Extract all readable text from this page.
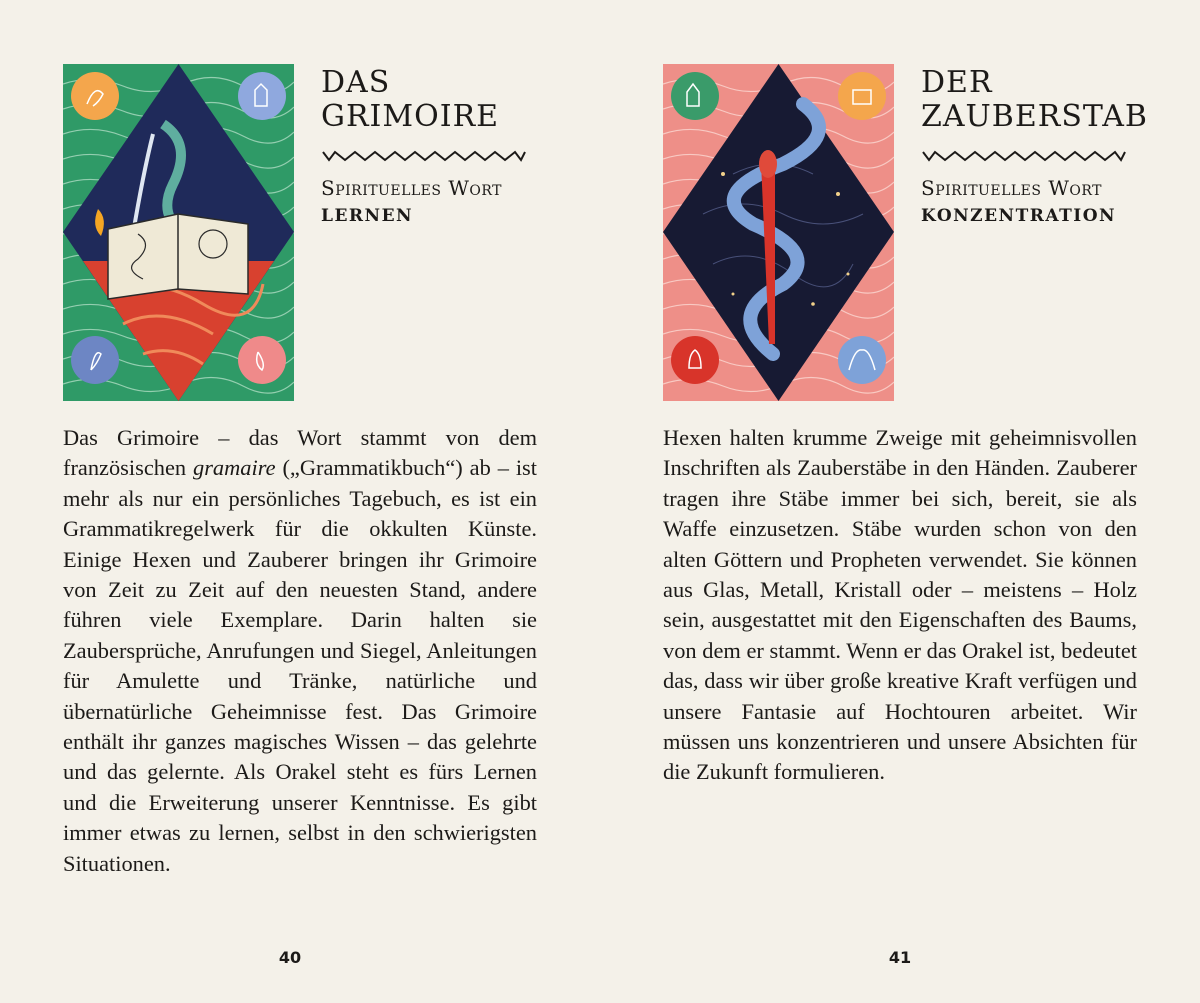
DAS
GRIMOIRE
Spirituelles Wort
LERNEN
Das Grimoire – das Wort stammt von dem französischen gramaire („Grammatikbuch“) ab – ist mehr als nur ein persönliches Tagebuch, es ist ein Grammatikregelwerk für die okkulten Künste. Einige Hexen und Zauberer bringen ihr Grimoire von Zeit zu Zeit auf den neuesten Stand, andere führen viele Exemplare. Darin halten sie Zaubersprüche, Anrufungen und Siegel, Anleitungen für Amulette und Tränke, natürliche und übernatürliche Geheimnisse fest. Das Grimoire enthält ihr ganzes magisches Wissen – das gelehrte und das gelernte. Als Orakel steht es fürs Lernen und die Erweiterung unserer Kenntnisse. Es gibt immer etwas zu lernen, selbst in den schwierigsten Situationen.
40
DER
ZAUBERSTAB
Spirituelles Wort
KONZENTRATION
Hexen halten krumme Zweige mit geheimnisvollen Inschriften als Zauberstäbe in den Händen. Zauberer tragen ihre Stäbe immer bei sich, bereit, sie als Waffe einzusetzen. Stäbe wurden schon von den alten Göttern und Propheten verwendet. Sie können aus Glas, Metall, Kristall oder – meistens – Holz sein, ausgestattet mit den Eigenschaften des Baums, von dem er stammt. Wenn er das Orakel ist, bedeutet das, dass wir über große kreative Kraft verfügen und unsere Fantasie auf Hochtouren arbeitet. Wir müssen uns konzentrieren und unsere Absichten für die Zukunft formulieren.
41
